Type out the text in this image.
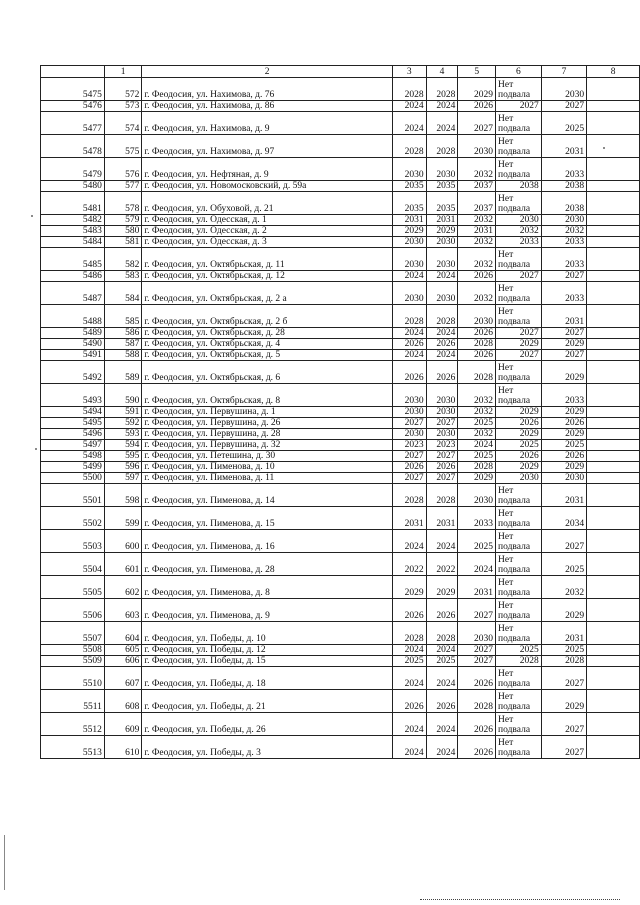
	1	2	3	4	5	6	7	8
5475	572	г. Феодосия, ул. Нахимова, д. 76	2028	2028	2029	Нет подвала	2030	
5476	573	г. Феодосия, ул. Нахимова, д. 86	2024	2024	2026	2027	2027	
5477	574	г. Феодосия, ул. Нахимова, д. 9	2024	2024	2027	Нет подвала	2025	
5478	575	г. Феодосия, ул. Нахимова, д. 97	2028	2028	2030	Нет подвала	2031	
5479	576	г. Феодосия, ул. Нефтяная, д. 9	2030	2030	2032	Нет подвала	2033	
5480	577	г. Феодосия, ул. Новомосковский, д. 59а	2035	2035	2037	2038	2038	
5481	578	г. Феодосия, ул. Обуховой, д. 21	2035	2035	2037	Нет подвала	2038	
5482	579	г. Феодосия, ул. Одесская, д. 1	2031	2031	2032	2030	2030	
5483	580	г. Феодосия, ул. Одесская, д. 2	2029	2029	2031	2032	2032	
5484	581	г. Феодосия, ул. Одесская, д. 3	2030	2030	2032	2033	2033	
5485	582	г. Феодосия, ул. Октябрьская, д. 11	2030	2030	2032	Нет подвала	2033	
5486	583	г. Феодосия, ул. Октябрьская, д. 12	2024	2024	2026	2027	2027	
5487	584	г. Феодосия, ул. Октябрьская, д. 2 а	2030	2030	2032	Нет подвала	2033	
5488	585	г. Феодосия, ул. Октябрьская, д. 2 б	2028	2028	2030	Нет подвала	2031	
5489	586	г. Феодосия, ул. Октябрьская, д. 28	2024	2024	2026	2027	2027	
5490	587	г. Феодосия, ул. Октябрьская, д. 4	2026	2026	2028	2029	2029	
5491	588	г. Феодосия, ул. Октябрьская, д. 5	2024	2024	2026	2027	2027	
5492	589	г. Феодосия, ул. Октябрьская, д. 6	2026	2026	2028	Нет подвала	2029	
5493	590	г. Феодосия, ул. Октябрьская, д. 8	2030	2030	2032	Нет подвала	2033	
5494	591	г. Феодосия, ул. Первушина, д. 1	2030	2030	2032	2029	2029	
5495	592	г. Феодосия, ул. Первушина, д. 26	2027	2027	2025	2026	2026	
5496	593	г. Феодосия, ул. Первушина, д. 28	2030	2030	2032	2029	2029	
5497	594	г. Феодосия, ул. Первушина, д. 32	2023	2023	2024	2025	2025	
5498	595	г. Феодосия, ул. Петешина, д. 30	2027	2027	2025	2026	2026	
5499	596	г. Феодосия, ул. Пименова, д. 10	2026	2026	2028	2029	2029	
5500	597	г. Феодосия, ул. Пименова, д. 11	2027	2027	2029	2030	2030	
5501	598	г. Феодосия, ул. Пименова, д. 14	2028	2028	2030	Нет подвала	2031	
5502	599	г. Феодосия, ул. Пименова, д. 15	2031	2031	2033	Нет подвала	2034	
5503	600	г. Феодосия, ул. Пименова, д. 16	2024	2024	2025	Нет подвала	2027	
5504	601	г. Феодосия, ул. Пименова, д. 28	2022	2022	2024	Нет подвала	2025	
5505	602	г. Феодосия, ул. Пименова, д. 8	2029	2029	2031	Нет подвала	2032	
5506	603	г. Феодосия, ул. Пименова, д. 9	2026	2026	2027	Нет подвала	2029	
5507	604	г. Феодосия, ул. Победы, д. 10	2028	2028	2030	Нет подвала	2031	
5508	605	г. Феодосия, ул. Победы, д. 12	2024	2024	2027	2025	2025	
5509	606	г. Феодосия, ул. Победы, д. 15	2025	2025	2027	2028	2028	
5510	607	г. Феодосия, ул. Победы, д. 18	2024	2024	2026	Нет подвала	2027	
5511	608	г. Феодосия, ул. Победы, д. 21	2026	2026	2028	Нет подвала	2029	
5512	609	г. Феодосия, ул. Победы, д. 26	2024	2024	2026	Нет подвала	2027	
5513	610	г. Феодосия, ул. Победы, д. 3	2024	2024	2026	Нет подвала	2027	
